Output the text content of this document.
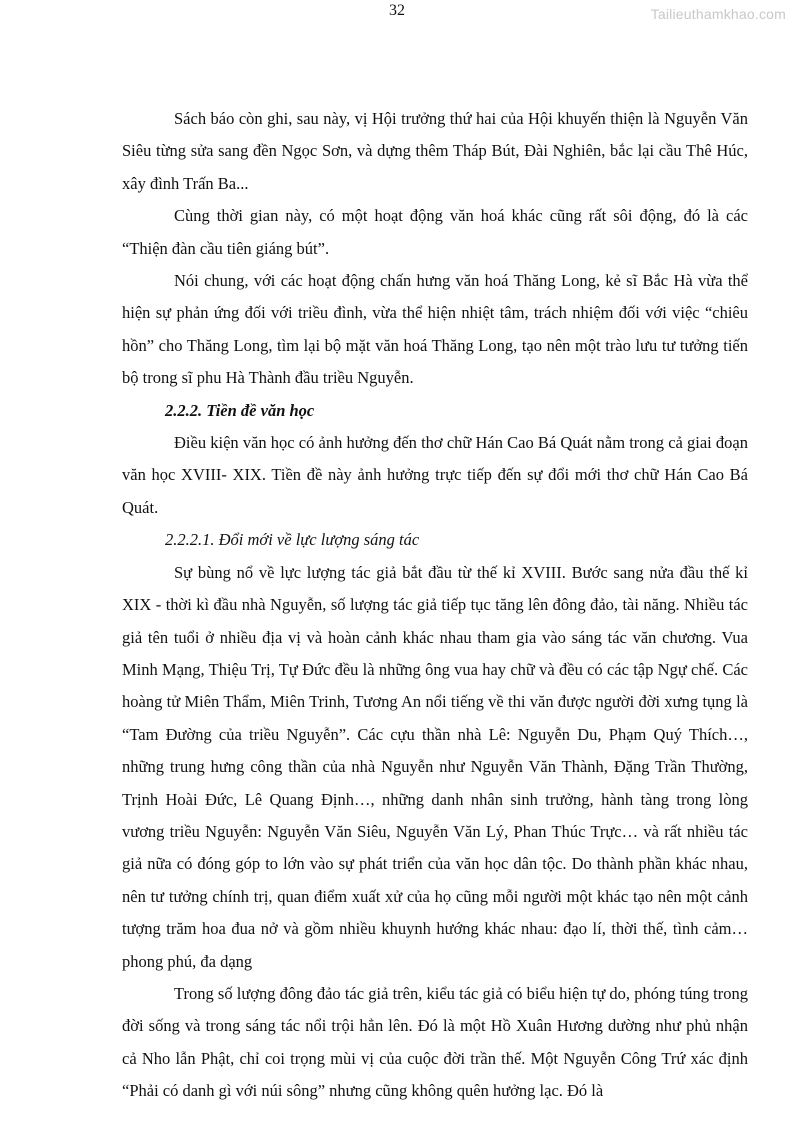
32	Tailieuthamkhao.com

Sách báo còn ghi, sau này, vị Hội trưởng thứ hai của Hội khuyến thiện là Nguyễn Văn Siêu từng sửa sang đền Ngọc Sơn, và dựng thêm Tháp Bút, Đài Nghiên, bắc lại cầu Thê Húc, xây đình Trấn Ba...

Cùng thời gian này, có một hoạt động văn hoá khác cũng rất sôi động, đó là các “Thiện đàn cầu tiên giáng bút”.

Nói chung, với các hoạt động chấn hưng văn hoá Thăng Long, kẻ sĩ Bắc Hà vừa thể hiện sự phản ứng đối với triều đình, vừa thể hiện nhiệt tâm, trách nhiệm đối với việc “chiêu hồn” cho Thăng Long, tìm lại bộ mặt văn hoá Thăng Long, tạo nên một trào lưu tư tưởng tiến bộ trong sĩ phu Hà Thành đầu triều Nguyễn.

2.2.2. Tiền đề văn học

Điều kiện văn học có ảnh hưởng đến thơ chữ Hán Cao Bá Quát nằm trong cả giai đoạn văn học XVIII- XIX. Tiền đề này ảnh hưởng trực tiếp đến sự đổi mới thơ chữ Hán Cao Bá Quát.

2.2.2.1. Đổi mới về lực lượng sáng tác

Sự bùng nổ về lực lượng tác giả bắt đầu từ thế kỉ XVIII. Bước sang nửa đầu thế kỉ XIX - thời kì đầu nhà Nguyễn, số lượng tác giả tiếp tục tăng lên đông đảo, tài năng. Nhiều tác giả tên tuổi ở nhiều địa vị và hoàn cảnh khác nhau tham gia vào sáng tác văn chương. Vua Minh Mạng, Thiệu Trị, Tự Đức đều là những ông vua hay chữ và đều có các tập Ngự chế. Các hoàng tử Miên Thẩm, Miên Trinh, Tương An nổi tiếng về thi văn được người đời xưng tụng là “Tam Đường của triều Nguyễn”. Các cựu thần nhà Lê: Nguyễn Du, Phạm Quý Thích…, những trung hưng công thần của nhà Nguyễn như Nguyễn Văn Thành, Đặng Trần Thường, Trịnh Hoài Đức, Lê Quang Định…, những danh nhân sinh trưởng, hành tàng trong lòng vương triều Nguyễn: Nguyễn Văn Siêu, Nguyễn Văn Lý, Phan Thúc Trực… và rất nhiều tác giả nữa có đóng góp to lớn vào sự phát triển của văn học dân tộc. Do thành phần khác nhau, nên tư tưởng chính trị, quan điểm xuất xử của họ cũng mỗi người một khác tạo nên một cảnh tượng trăm hoa đua nở và gồm nhiều khuynh hướng khác nhau: đạo lí, thời thế, tình cảm… phong phú, đa dạng

Trong số lượng đông đảo tác giả trên, kiểu tác giả có biểu hiện tự do, phóng túng trong đời sống và trong sáng tác nổi trội hẳn lên. Đó là một Hồ Xuân Hương dường như phủ nhận cả Nho lẫn Phật, chỉ coi trọng mùi vị của cuộc đời trần thế. Một Nguyễn Công Trứ xác định “Phải có danh gì với núi sông” nhưng cũng không quên hưởng lạc. Đó là
